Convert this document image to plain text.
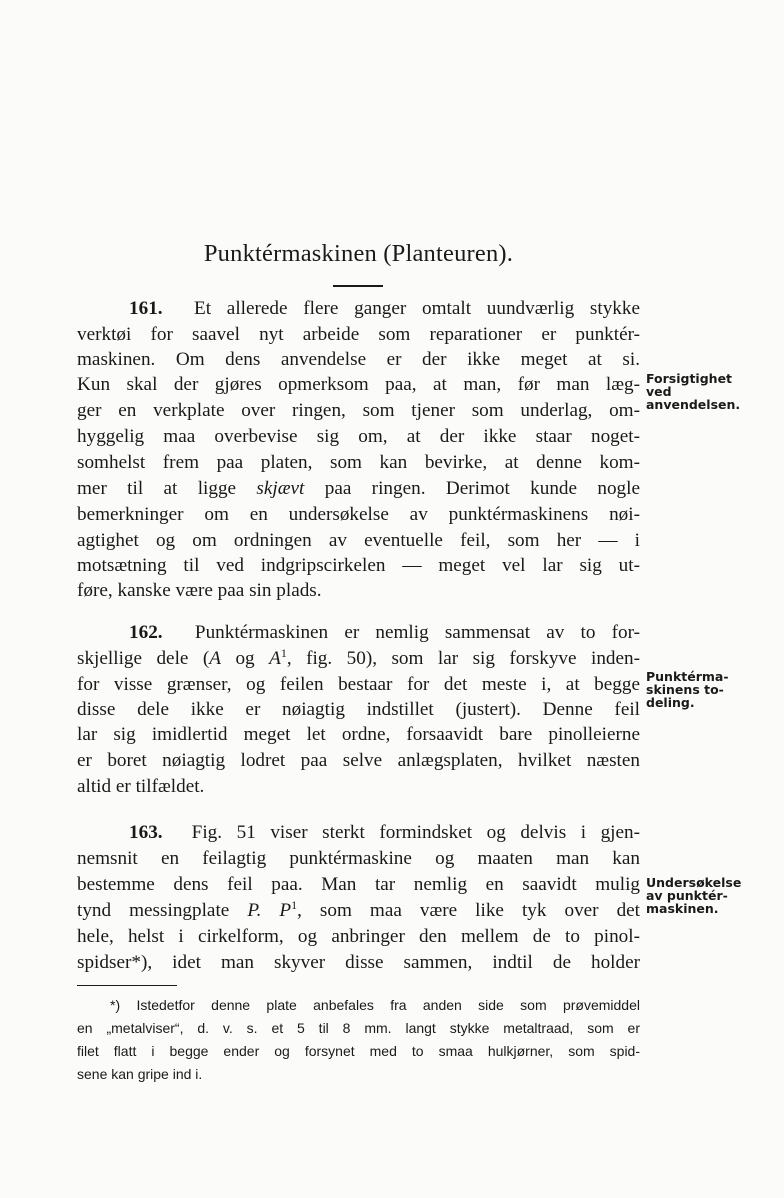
Punktérmaskinen (Planteuren).
161. Et allerede flere ganger omtalt uundværlig stykke
verktøi for saavel nyt arbeide som reparationer er punktér-
maskinen. Om dens anvendelse er der ikke meget at si.
Kun skal der gjøres opmerksom paa, at man, før man læg-
ger en verkplate over ringen, som tjener som underlag, om-
hyggelig maa overbevise sig om, at der ikke staar noget-
somhelst frem paa platen, som kan bevirke, at denne kom-
mer til at ligge skjævt paa ringen. Derimot kunde nogle
bemerkninger om en undersøkelse av punktérmaskinens nøi-
agtighet og om ordningen av eventuelle feil, som her — i
motsætning til ved indgripscirkelen — meget vel lar sig ut-
føre, kanske være paa sin plads.
Forsigtighet
ved
anvendelsen.
162. Punktérmaskinen er nemlig sammensat av to for-
skjellige dele (A og $A^1$, fig. 50), som lar sig forskyve inden-
for visse grænser, og feilen bestaar for det meste i, at begge
disse dele ikke er nøiagtig indstillet (justert). Denne feil
lar sig imidlertid meget let ordne, forsaavidt bare pinolleierne
er boret nøiagtig lodret paa selve anlægsplaten, hvilket næsten
altid er tilfældet.
Punktérma-
skinens to-
deling.
163. Fig. 51 viser sterkt formindsket og delvis i gjen-
nemsnit en feilagtig punktérmaskine og maaten man kan
bestemme dens feil paa. Man tar nemlig en saavidt mulig
tynd messingplate P. $P^1$, som maa være like tyk over det
hele, helst i cirkelform, og anbringer den mellem de to pinol-
spidser*), idet man skyver disse sammen, indtil de holder
Undersøkelse
av punktér-
maskinen.
*) Istedetfor denne plate anbefales fra anden side som prøvemiddel
en „metalviser“, d. v. s. et 5 til 8 mm. langt stykke metaltraad, som er
filet flatt i begge ender og forsynet med to smaa hulkjørner, som spid-
sene kan gripe ind i.
